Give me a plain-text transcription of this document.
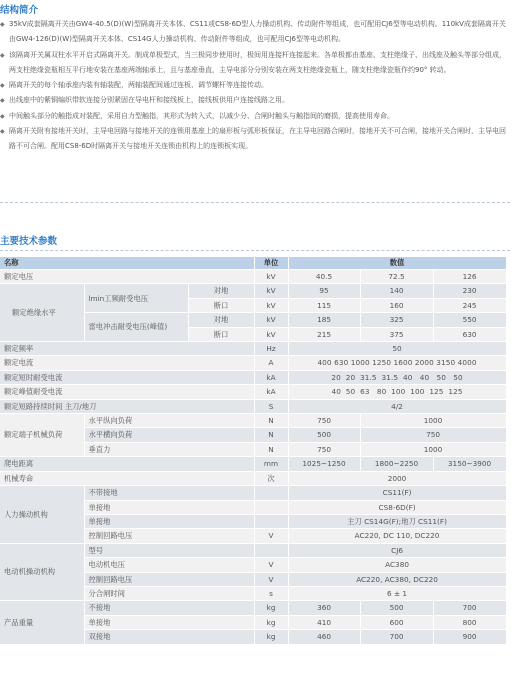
结构简介
◆ 35kV成套隔离开关由GW4-40.5(D)(W)型隔离开关本体、CS11或CS8-6D型人力操动机构、传动附件等组成，也可配用CJ6型等电动机构。110kV成套隔离开关由GW4-126(D)(W)型隔离开关本体、CS14G人力操动机构、传动附件等组成，也可配用CJ6型等电动机构。
◆ 该隔离开关属双柱水平开启式隔离开关。制成单极型式，当三极同步使用时，极间用连接杆连接起来。各单极都由基座、支柱绝缘子、出线座及触头等部分组成，两支柱绝缘瓷瓶相互平行地安装在基座两端轴承上，且与基座垂直，主导电部分分别安装在两支柱绝缘瓷瓶上，随支柱绝缘瓷瓶作约90° 转动。
◆ 隔离开关的每个轴承座内装有轴装配，两轴装配间通过连板、调节螺杆等连接传动。
◆ 出线座中的紫铜编织带软连接分别紧固在导电杆和接线板上，接线板供用户连接线路之用。
◆ 中间触头部分的触指成对装配，采用自力型触指，其形式为转入式，以减少分、合闸时触头与触指间的磨损，提高使用寿命。
◆ 隔离开关附有接地开关时，主导电回路与接地开关的连锁用基座上的扇形板与弧形板保证，在主导电回路合闸时，接地开关不可合闸，接地开关合闸时，主导电回路不可合闸。配用CS8-6D时隔离开关与接地开关连锁由机构上的连锁板实现。
主要技术参数
名称			单位	数值		
额定电压			kV	40.5	72.5	126
额定绝缘水平	lmin工频耐受电压	对地	kV	95	140	230
		断口	kV	115	160	245
	雷电冲击耐受电压(峰值)	对地	kV	185	325	550
		断口	kV	215	375	630
额定频率			Hz	50		
额定电流			A	400 630 1000 1250 1600 2000 3150 4000		
额定短时耐受电流			kA	20  20  31.5  31.5  40   40   50   50		
额定峰值耐受电流			kA	40  50  63   80  100  100  125  125		
额定短路持续时间 主刀/地刀			S	4/2		
额定端子机械负荷	水平纵向负荷		N	750	1000	
	水平横向负荷		N	500	750	
	垂直力		N	750	1000	
爬电距离			mm	1025~1250	1800~2250	3150~3900
机械寿命			次	2000		
人力操动机构	不带接地			CS11(F)		
	单接地			CS8-6D(F)		
	单接地			主刀 CS14G(F);地刀 CS11(F)		
	控制回路电压		V	AC220, DC 110, DC220		
电动机操动机构	型号			CJ6		
	电动机电压		V	AC380		
	控制回路电压		V	AC220, AC380, DC220		
	分合闸时间		s	6 ± 1		
产品重量	不接地		kg	360	500	700
	单接地		kg	410	600	800
	双接地		kg	460	700	900
